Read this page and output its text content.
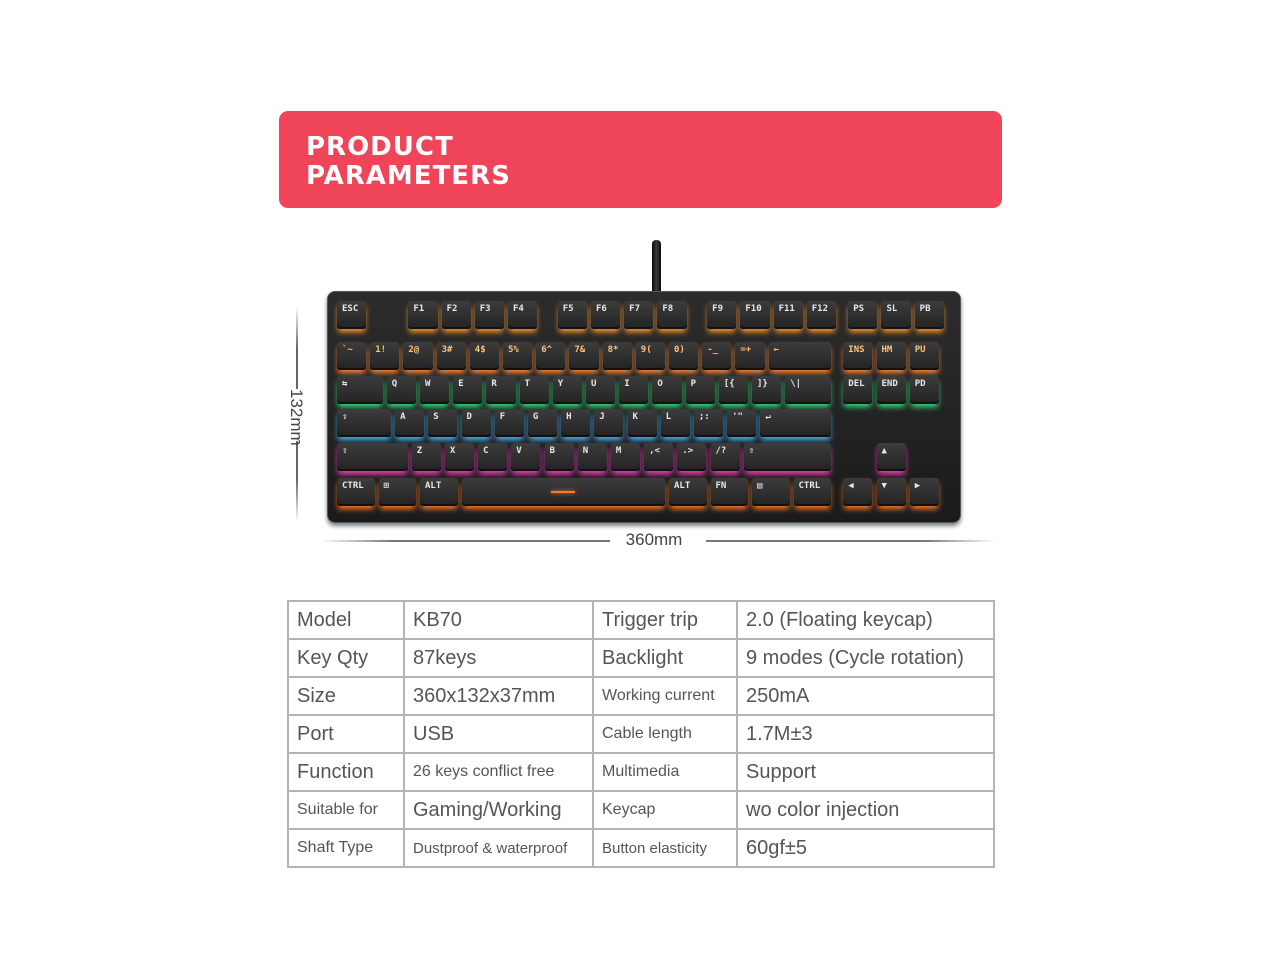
PRODUCT
PARAMETERS
ESC	F1	F2	F3	F4	F5	F6	F7	F8	F9	F10	F11	F12	PS	SL	PB
`~	1!	2@	3#	4$	5%	6^	7&	8*	9(	0)	-_	=+	←	INS	HM	PU
⇆	Q	W	E	R	T	Y	U	I	O	P	[{	]}	\|	DEL	END	PD
⇪	A	S	D	F	G	H	J	K	L	;:	'"	↵
⇧	Z	X	C	V	B	N	M	,<	.>	/?	⇧	▲
CTRL	⊞	ALT	ALT	FN	▤	CTRL	◀	▼	▶
132mm
360mm
Model	KB70	Trigger trip	2.0 (Floating keycap)
Key Qty	87keys	Backlight	9 modes (Cycle rotation)
Size	360x132x37mm	Working current	250mA
Port	USB	Cable length	1.7M±3
Function	26 keys conflict free	Multimedia	Support
Suitable for	Gaming/Working	Keycap	wo color injection
Shaft Type	Dustproof & waterproof	Button elasticity	60gf±5
